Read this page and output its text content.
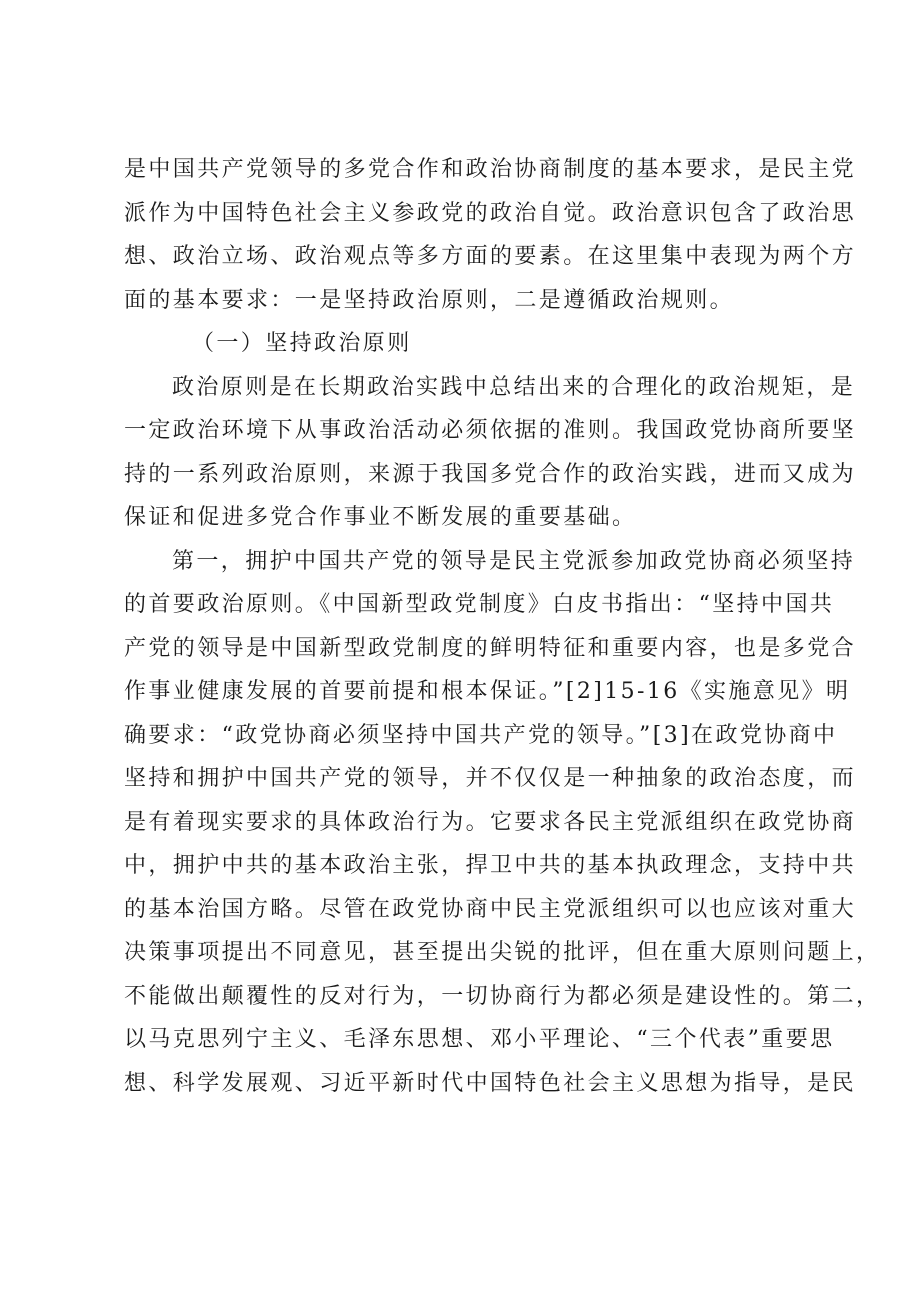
是中国共产党领导的多党合作和政治协商制度的基本要求，是民主党
派作为中国特色社会主义参政党的政治自觉。政治意识包含了政治思
想、政治立场、政治观点等多方面的要素。在这里集中表现为两个方
面的基本要求：一是坚持政治原则，二是遵循政治规则。
（一）坚持政治原则
政治原则是在长期政治实践中总结出来的合理化的政治规矩，是
一定政治环境下从事政治活动必须依据的准则。我国政党协商所要坚
持的一系列政治原则，来源于我国多党合作的政治实践，进而又成为
保证和促进多党合作事业不断发展的重要基础。
第一，拥护中国共产党的领导是民主党派参加政党协商必须坚持
的首要政治原则。《中国新型政党制度》白皮书指出：“坚持中国共
产党的领导是中国新型政党制度的鲜明特征和重要内容，也是多党合
作事业健康发展的首要前提和根本保证。”[2]15-16《实施意见》明
确要求：“政党协商必须坚持中国共产党的领导。”[3]在政党协商中
坚持和拥护中国共产党的领导，并不仅仅是一种抽象的政治态度，而
是有着现实要求的具体政治行为。它要求各民主党派组织在政党协商
中，拥护中共的基本政治主张，捍卫中共的基本执政理念，支持中共
的基本治国方略。尽管在政党协商中民主党派组织可以也应该对重大
决策事项提出不同意见，甚至提出尖锐的批评，但在重大原则问题上，
不能做出颠覆性的反对行为，一切协商行为都必须是建设性的。第二，
以马克思列宁主义、毛泽东思想、邓小平理论、“三个代表”重要思
想、科学发展观、习近平新时代中国特色社会主义思想为指导，是民
